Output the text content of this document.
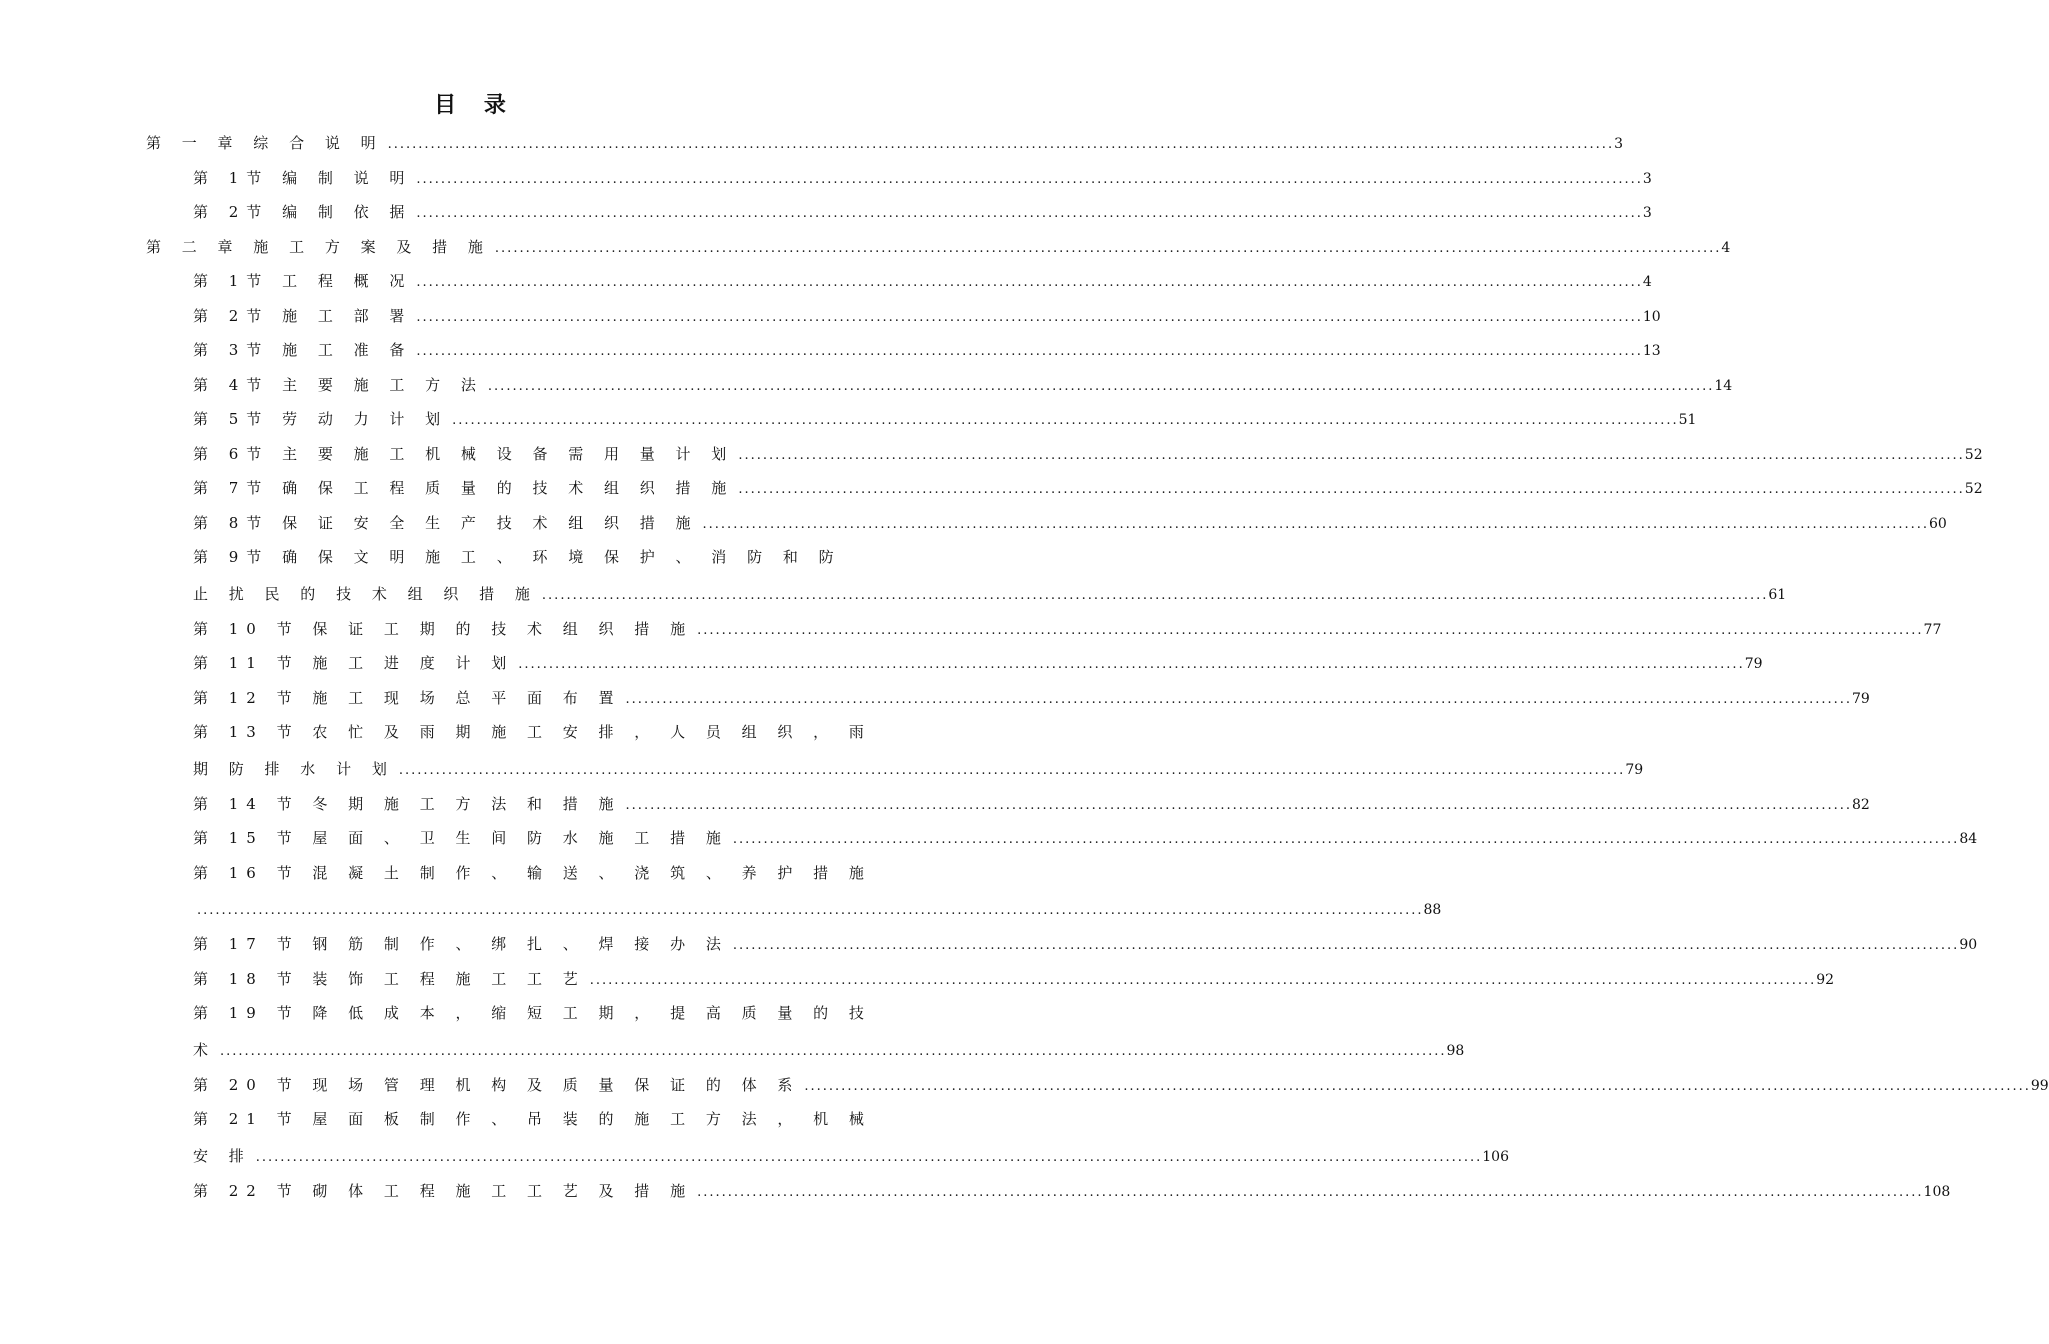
目 录
第 一 章 综 合 说 明 ........................................................................................................................................................................................................ 3
第 1节 编 制 说 明 ........................................................................................................................................................................................................ 3
第 2节 编 制 依 据 ........................................................................................................................................................................................................ 3
第 二 章 施 工 方 案 及 措 施 ........................................................................................................................................................................................................ 4
第 1节 工 程 概 况 ........................................................................................................................................................................................................ 4
第 2节 施 工 部 署 ........................................................................................................................................................................................................ 10
第 3节 施 工 准 备 ........................................................................................................................................................................................................ 13
第 4节 主 要 施 工 方 法 ........................................................................................................................................................................................................ 14
第 5节 劳 动 力 计 划 ........................................................................................................................................................................................................ 51
第 6节 主 要 施 工 机 械 设 备 需 用 量 计 划 ........................................................................................................................................................................................................ 52
第 7节 确 保 工 程 质 量 的 技 术 组 织 措 施 ........................................................................................................................................................................................................ 52
第 8节 保 证 安 全 生 产 技 术 组 织 措 施 ........................................................................................................................................................................................................ 60
第 9节 确 保 文 明 施 工 、 环 境 保 护 、 消 防 和 防
止 扰 民 的 技 术 组 织 措 施 ........................................................................................................................................................................................................ 61
第 10 节 保 证 工 期 的 技 术 组 织 措 施 ........................................................................................................................................................................................................ 77
第 11 节 施 工 进 度 计 划 ........................................................................................................................................................................................................ 79
第 12 节 施 工 现 场 总 平 面 布 置 ........................................................................................................................................................................................................ 79
第 13 节 农 忙 及 雨 期 施 工 安 排 ， 人 员 组 织 ， 雨
期 防 排 水 计 划 ........................................................................................................................................................................................................ 79
第 14 节 冬 期 施 工 方 法 和 措 施 ........................................................................................................................................................................................................ 82
第 15 节 屋 面 、 卫 生 间 防 水 施 工 措 施 ........................................................................................................................................................................................................ 84
第 16 节 混 凝 土 制 作 、 输 送 、 浇 筑 、 养 护 措 施
........................................................................................................................................................................................................ 88
第 17 节 钢 筋 制 作 、 绑 扎 、 焊 接 办 法 ........................................................................................................................................................................................................ 90
第 18 节 装 饰 工 程 施 工 工 艺 ........................................................................................................................................................................................................ 92
第 19 节 降 低 成 本 ， 缩 短 工 期 ， 提 高 质 量 的 技
术 ........................................................................................................................................................................................................ 98
第 20 节 现 场 管 理 机 构 及 质 量 保 证 的 体 系 ........................................................................................................................................................................................................ 99
第 21 节 屋 面 板 制 作 、 吊 装 的 施 工 方 法 ， 机 械
安 排 ........................................................................................................................................................................................................ 106
第 22 节 砌 体 工 程 施 工 工 艺 及 措 施 ........................................................................................................................................................................................................ 108
